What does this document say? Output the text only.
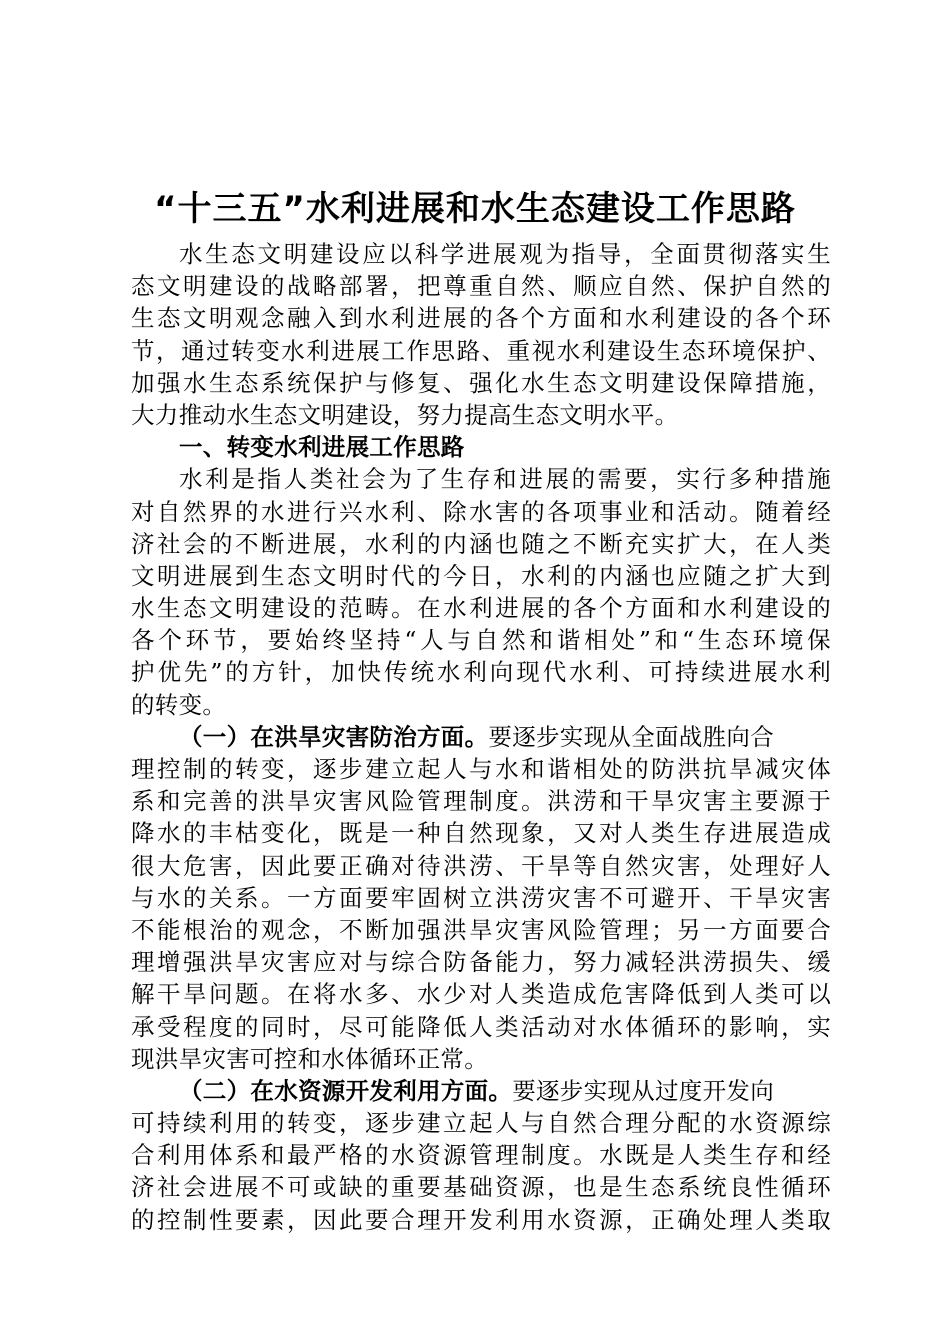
“十三五”水利进展和水生态建设工作思路
水生态文明建设应以科学进展观为指导，全面贯彻落实生
态文明建设的战略部署，把尊重自然、顺应自然、保护自然的
生态文明观念融入到水利进展的各个方面和水利建设的各个环
节，通过转变水利进展工作思路、重视水利建设生态环境保护、
加强水生态系统保护与修复、强化水生态文明建设保障措施，
大力推动水生态文明建设，努力提高生态文明水平。
一、转变水利进展工作思路
水利是指人类社会为了生存和进展的需要，实行多种措施
对自然界的水进行兴水利、除水害的各项事业和活动。随着经
济社会的不断进展，水利的内涵也随之不断充实扩大，在人类
文明进展到生态文明时代的今日，水利的内涵也应随之扩大到
水生态文明建设的范畴。在水利进展的各个方面和水利建设的
各个环节，要始终坚持“人与自然和谐相处”和“生态环境保
护优先”的方针，加快传统水利向现代水利、可持续进展水利
的转变。
（一）在洪旱灾害防治方面。要逐步实现从全面战胜向合
理控制的转变，逐步建立起人与水和谐相处的防洪抗旱减灾体
系和完善的洪旱灾害风险管理制度。洪涝和干旱灾害主要源于
降水的丰枯变化，既是一种自然现象，又对人类生存进展造成
很大危害，因此要正确对待洪涝、干旱等自然灾害，处理好人
与水的关系。一方面要牢固树立洪涝灾害不可避开、干旱灾害
不能根治的观念，不断加强洪旱灾害风险管理；另一方面要合
理增强洪旱灾害应对与综合防备能力，努力减轻洪涝损失、缓
解干旱问题。在将水多、水少对人类造成危害降低到人类可以
承受程度的同时，尽可能降低人类活动对水体循环的影响，实
现洪旱灾害可控和水体循环正常。
（二）在水资源开发利用方面。要逐步实现从过度开发向
可持续利用的转变，逐步建立起人与自然合理分配的水资源综
合利用体系和最严格的水资源管理制度。水既是人类生存和经
济社会进展不可或缺的重要基础资源，也是生态系统良性循环
的控制性要素，因此要合理开发利用水资源，正确处理人类取
